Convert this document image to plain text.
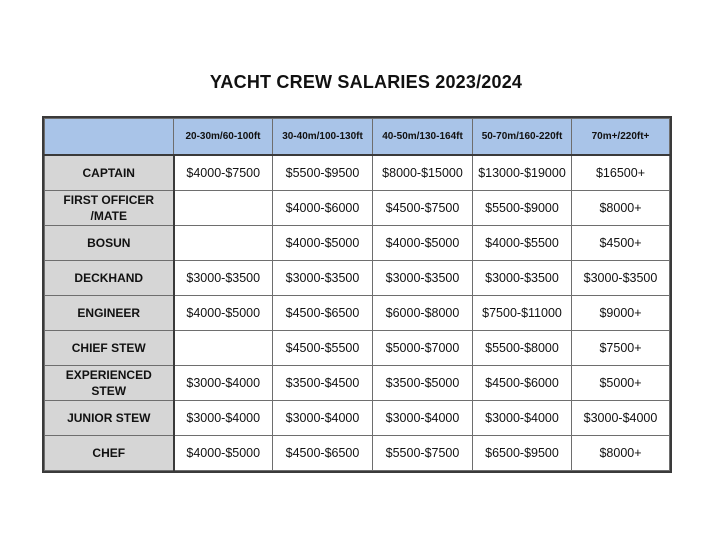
YACHT CREW SALARIES 2023/2024
	20-30m/60-100ft	30-40m/100-130ft	40-50m/130-164ft	50-70m/160-220ft	70m+/220ft+
CAPTAIN	$4000-$7500	$5500-$9500	$8000-$15000	$13000-$19000	$16500+
FIRST OFFICER /MATE		$4000-$6000	$4500-$7500	$5500-$9000	$8000+
BOSUN		$4000-$5000	$4000-$5000	$4000-$5500	$4500+
DECKHAND	$3000-$3500	$3000-$3500	$3000-$3500	$3000-$3500	$3000-$3500
ENGINEER	$4000-$5000	$4500-$6500	$6000-$8000	$7500-$11000	$9000+
CHIEF STEW		$4500-$5500	$5000-$7000	$5500-$8000	$7500+
EXPERIENCED STEW	$3000-$4000	$3500-$4500	$3500-$5000	$4500-$6000	$5000+
JUNIOR STEW	$3000-$4000	$3000-$4000	$3000-$4000	$3000-$4000	$3000-$4000
CHEF	$4000-$5000	$4500-$6500	$5500-$7500	$6500-$9500	$8000+
